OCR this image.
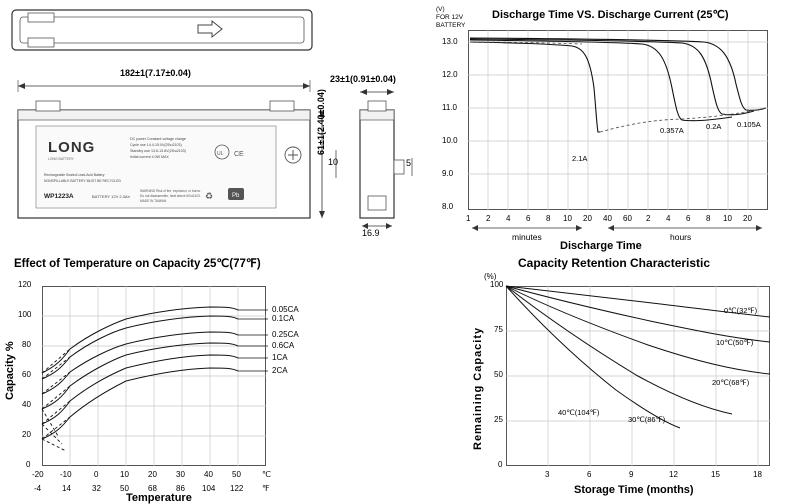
LONG
LONG BATTERY
DC power Constant voltage charge
Cycle use 14.4-15.0V(25\u2103)
Standby use 13.6-13.8V(25\u2103)
Initial current 4.0W MAX
Rechargeable Sealed Lead-Acid Battery
NONSPILLABLE BATTERY MUST BE RECYCLED
WP1223A	BATTERY 12V 2.3Ah
WARNING Risk of fire, explosion, or burns.
Do not disassemble, heat above 60\u2103.
MADE IN TAIWAN
UL CE
Pb
♻
182±1(7.17±0.04)
23±1(0.91±0.04)
61±1(2.40±0.04)
10	5
16.9
Discharge Time VS. Discharge Current (25℃)
(V)
FOR 12V
BATTERY
13.0
12.0
11.0
10.0
9.0
8.0
1 2 4 6 8 10 20 40 60 2 4 6 8 10 20
minutes	hours
Discharge Time
2.1A
0.357A	0.2A 0.105A
Effect of Temperature on Capacity 25℃(77℉)
120
100
80
60
40
20
0
Capacity %
-20 -10	0	10 20 30 40 50	℃
-4	14	32 50 68 86 104 122 ℉
Temperature
0.05CA
0.1CA
0.25CA
0.6CA
1CA
2CA
Capacity Retention Characteristic
(%)
100
75
50
25
0
Remaining Capacity
3	6	9	12	15	18
Storage Time (months)
0℃(32℉)
10℃(50℉)
20℃(68℉)
30℃(86℉)
40℃(104℉)
